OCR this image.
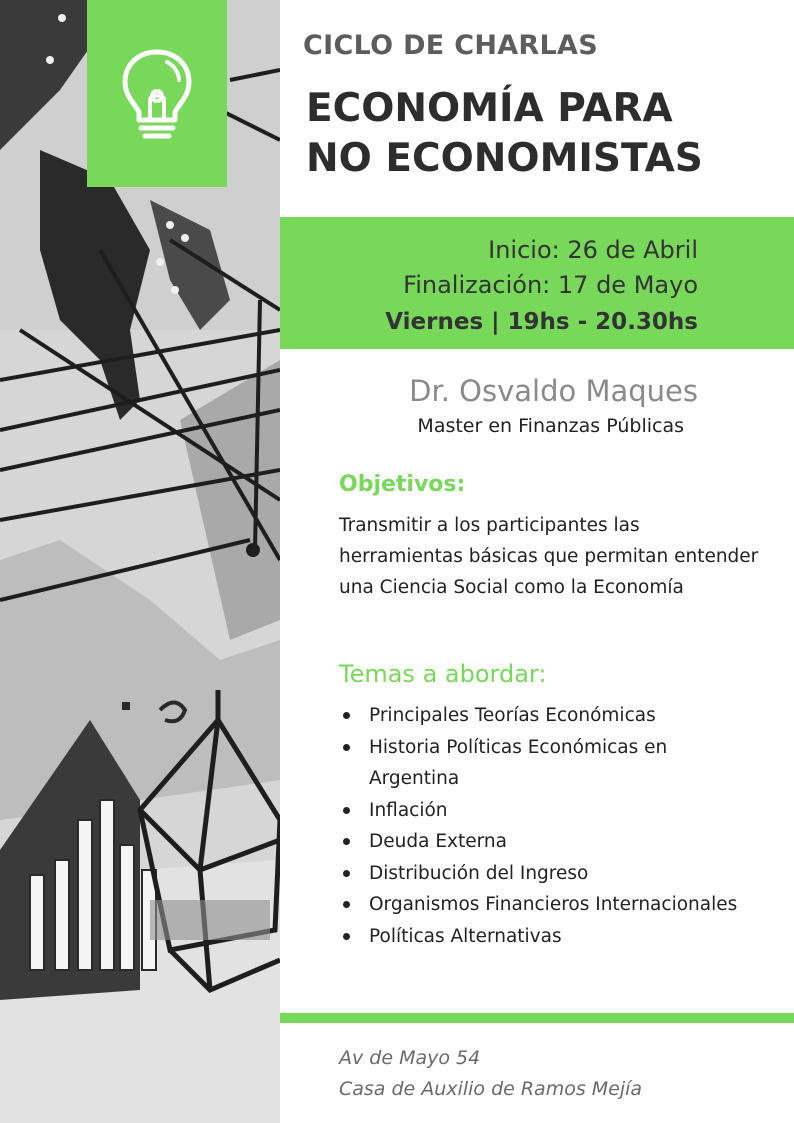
CICLO DE CHARLAS
ECONOMÍA PARA
NO ECONOMISTAS
Inicio: 26 de Abril
Finalización: 17 de Mayo
Viernes | 19hs - 20.30hs
Dr. Osvaldo Maques
Master en Finanzas Públicas
Objetivos:
Transmitir a los participantes las herramientas básicas que permitan entender una Ciencia Social como la Economía
Temas a abordar:
Principales Teorías Económicas
Historia Políticas Económicas en Argentina
Inflación
Deuda Externa
Distribución del Ingreso
Organismos Financieros Internacionales
Políticas Alternativas
Av de Mayo 54
Casa de Auxilio de Ramos Mejía
